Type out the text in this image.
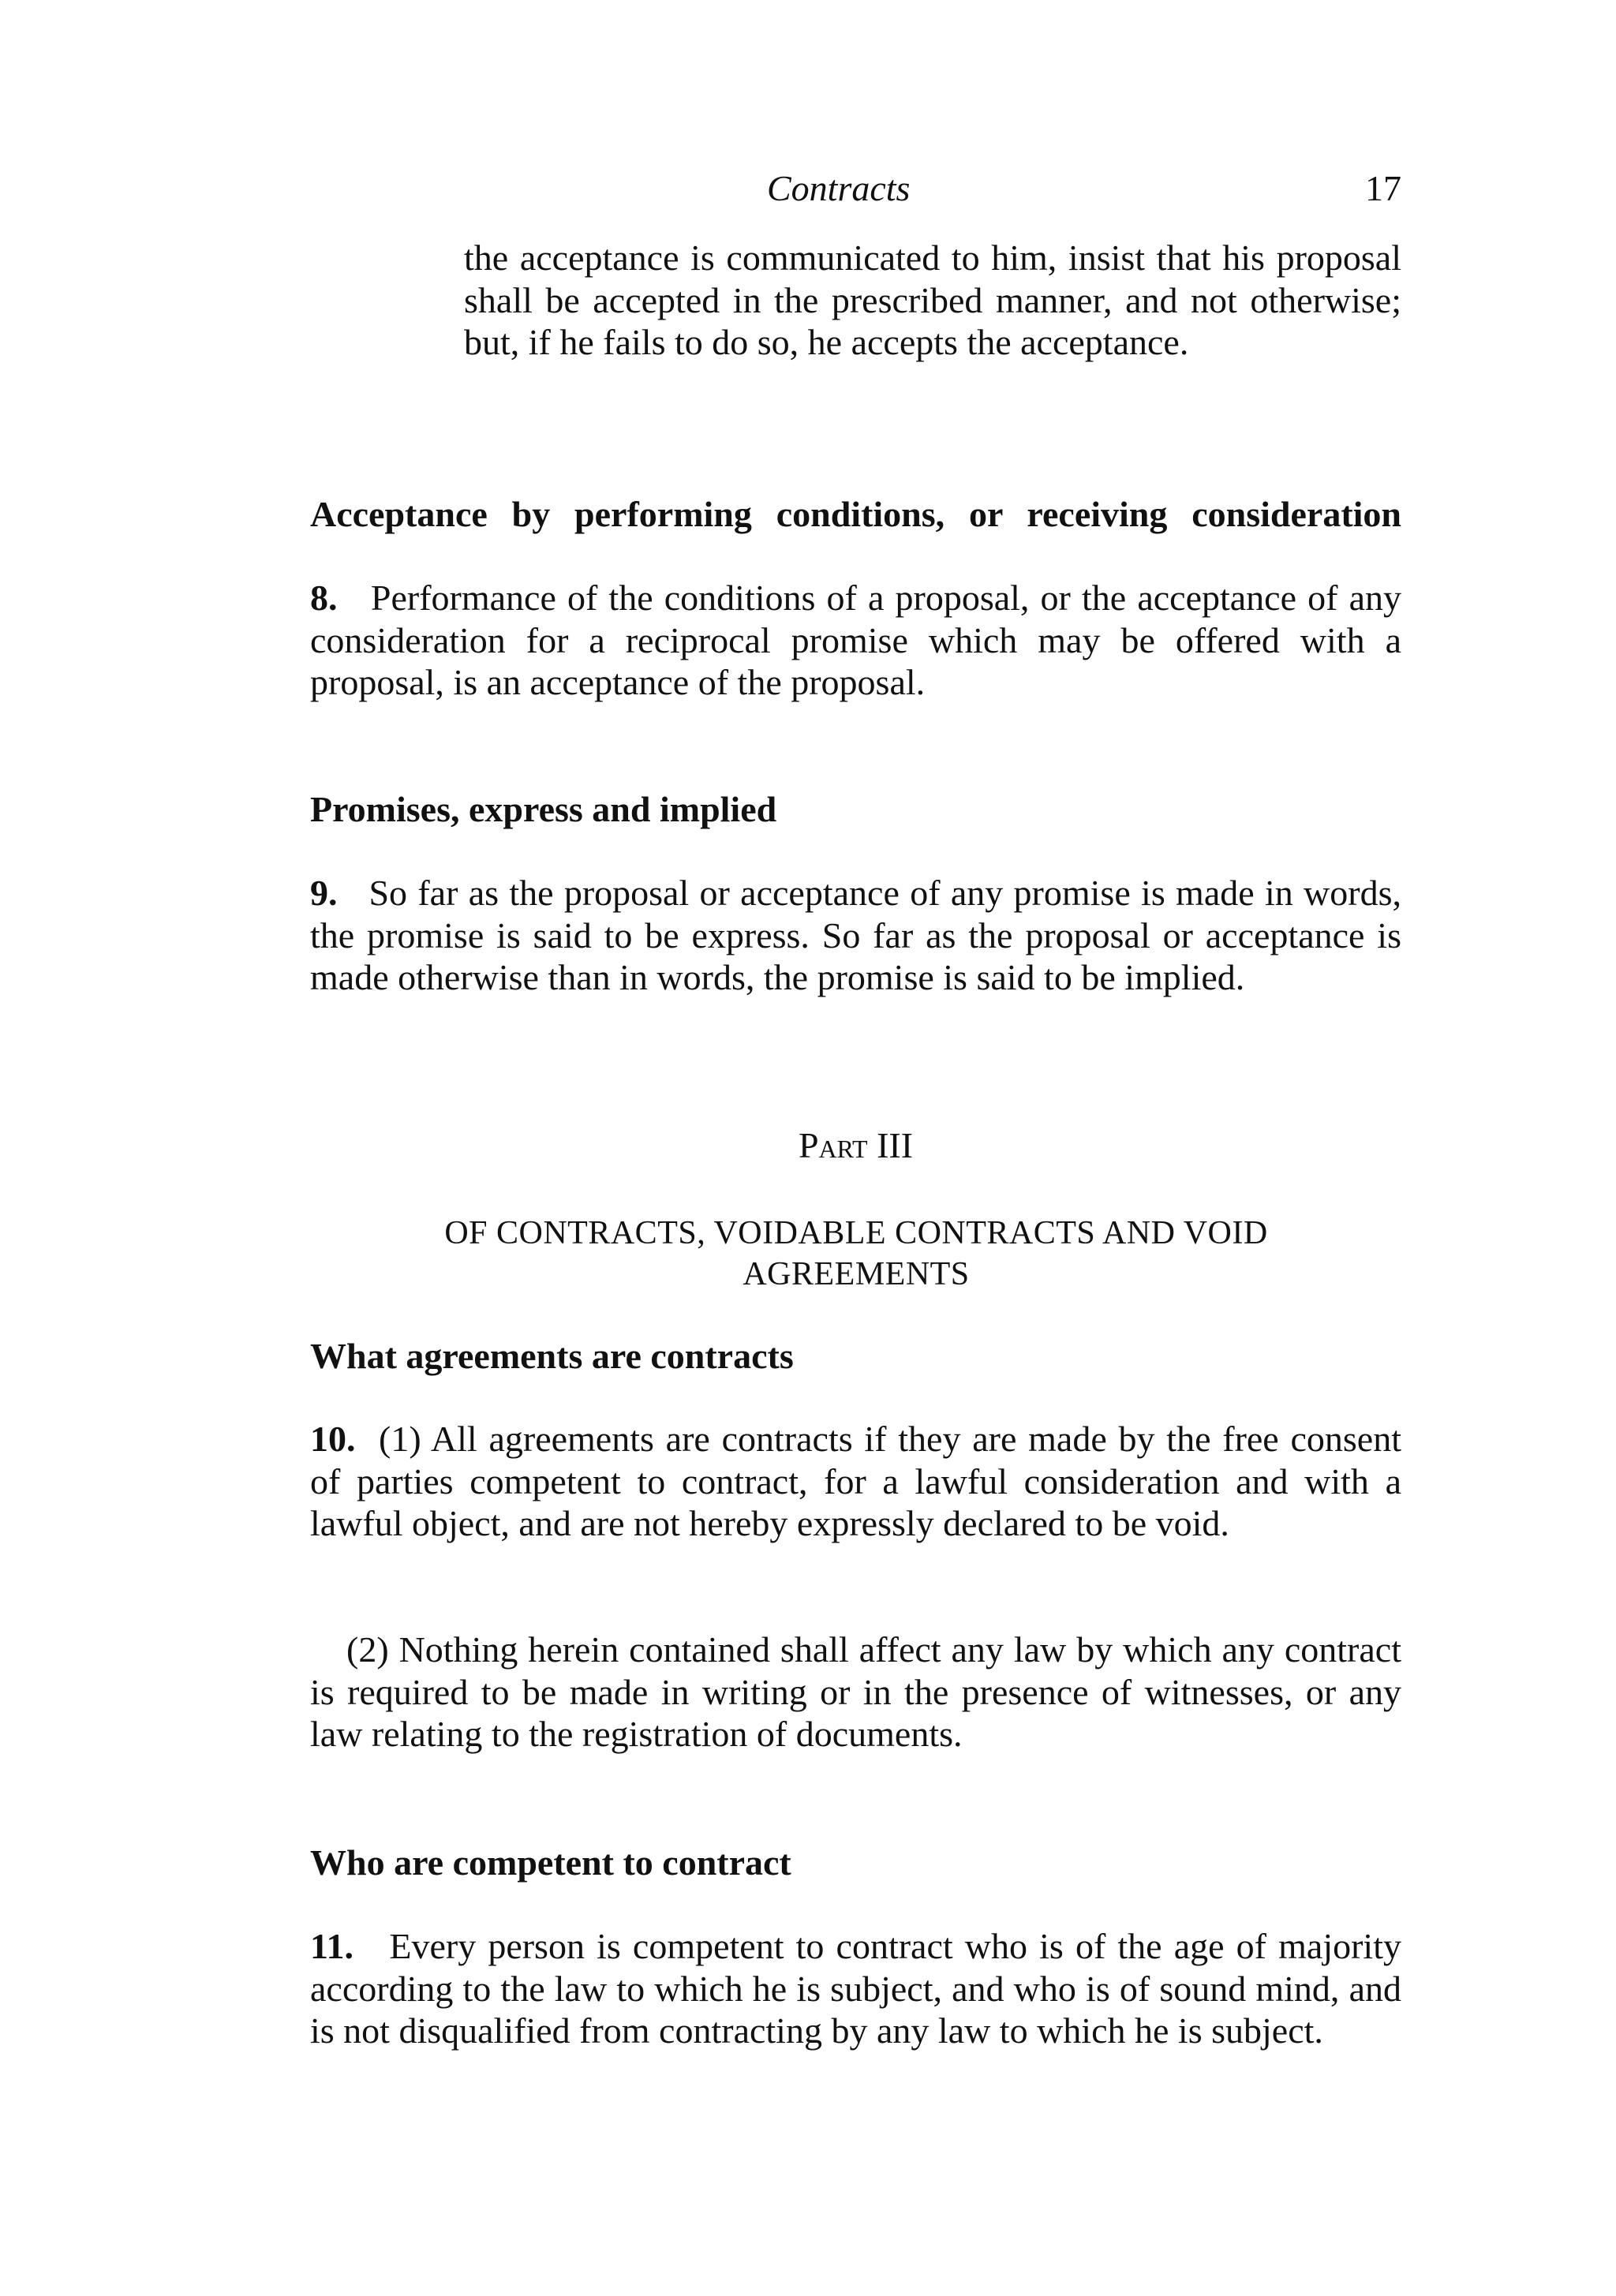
Contracts	17

the acceptance is communicated to him, insist that his proposal shall be accepted in the prescribed manner, and not otherwise; but, if he fails to do so, he accepts the acceptance.

Acceptance by performing conditions, or receiving consideration

8. Performance of the conditions of a proposal, or the acceptance of any consideration for a reciprocal promise which may be offered with a proposal, is an acceptance of the proposal.

Promises, express and implied

9. So far as the proposal or acceptance of any promise is made in words, the promise is said to be express. So far as the proposal or acceptance is made otherwise than in words, the promise is said to be implied.

Part III
OF CONTRACTS, VOIDABLE CONTRACTS AND VOID
AGREEMENTS
What agreements are contracts

10. (1) All agreements are contracts if they are made by the free consent of parties competent to contract, for a lawful consideration and with a lawful object, and are not hereby expressly declared to be void.

(2) Nothing herein contained shall affect any law by which any contract is required to be made in writing or in the presence of witnesses, or any law relating to the registration of documents.

Who are competent to contract

11. Every person is competent to contract who is of the age of majority according to the law to which he is subject, and who is of sound mind, and is not disqualified from contracting by any law to which he is subject.
